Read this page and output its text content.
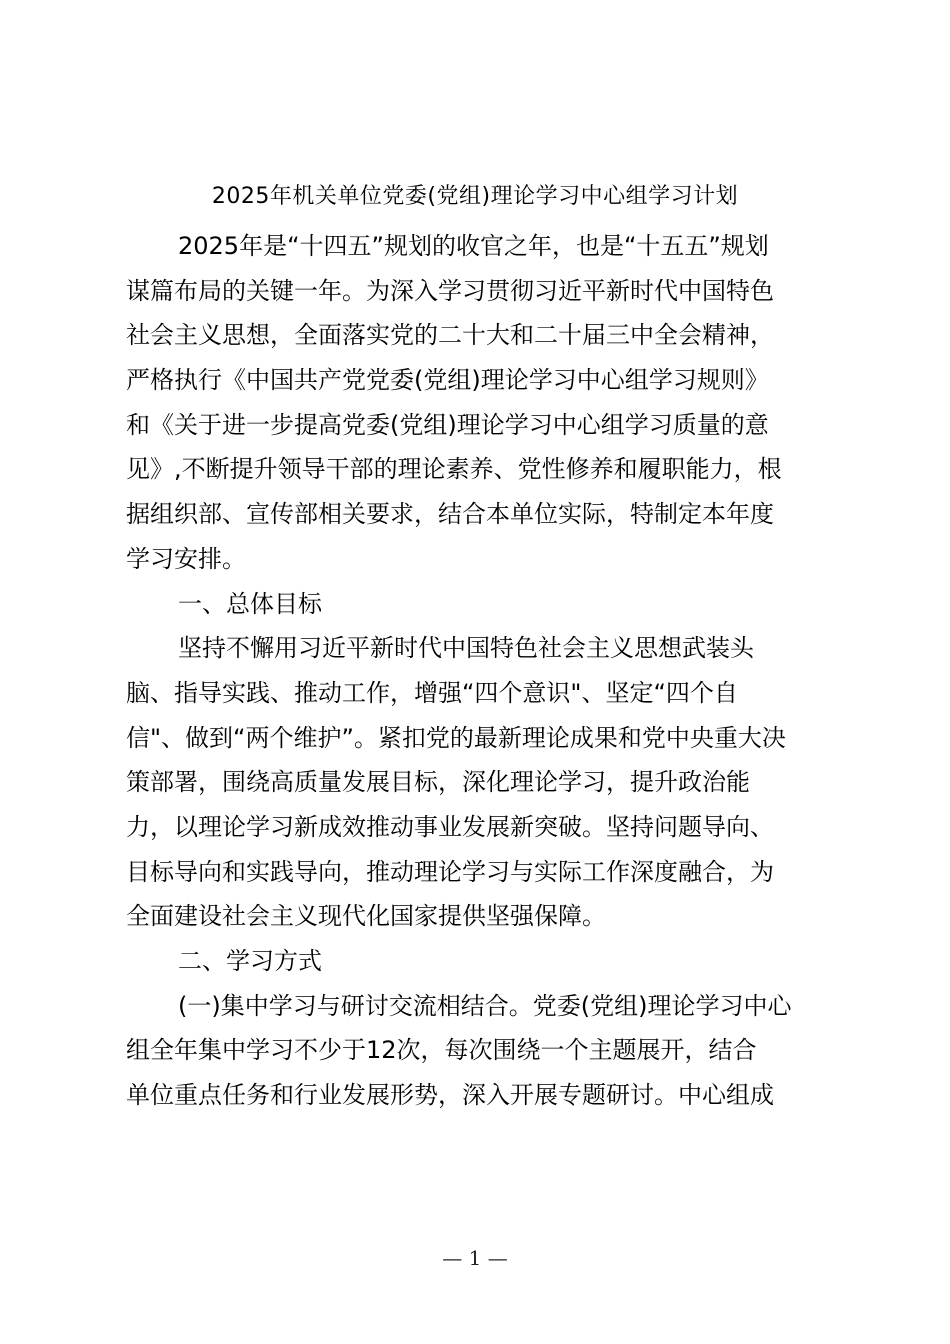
2025年机关单位党委(党组)理论学习中心组学习计划
2025年是“十四五”规划的收官之年，也是“十五五”规划
谋篇布局的关键一年。为深入学习贯彻习近平新时代中国特色
社会主义思想，全面落实党的二十大和二十届三中全会精神，
严格执行《中国共产党党委(党组)理论学习中心组学习规则》
和《关于进一步提高党委(党组)理论学习中心组学习质量的意
见》,不断提升领导干部的理论素养、党性修养和履职能力，根
据组织部、宣传部相关要求，结合本单位实际，特制定本年度
学习安排。
一、总体目标
坚持不懈用习近平新时代中国特色社会主义思想武装头
脑、指导实践、推动工作，增强“四个意识"、坚定“四个自
信"、做到“两个维护”。紧扣党的最新理论成果和党中央重大决
策部署，围绕高质量发展目标，深化理论学习，提升政治能
力，以理论学习新成效推动事业发展新突破。坚持问题导向、
目标导向和实践导向，推动理论学习与实际工作深度融合，为
全面建设社会主义现代化国家提供坚强保障。
二、学习方式
(一)集中学习与研讨交流相结合。党委(党组)理论学习中心
组全年集中学习不少于12次，每次围绕一个主题展开，结合
单位重点任务和行业发展形势，深入开展专题研讨。中心组成
— 1 —
